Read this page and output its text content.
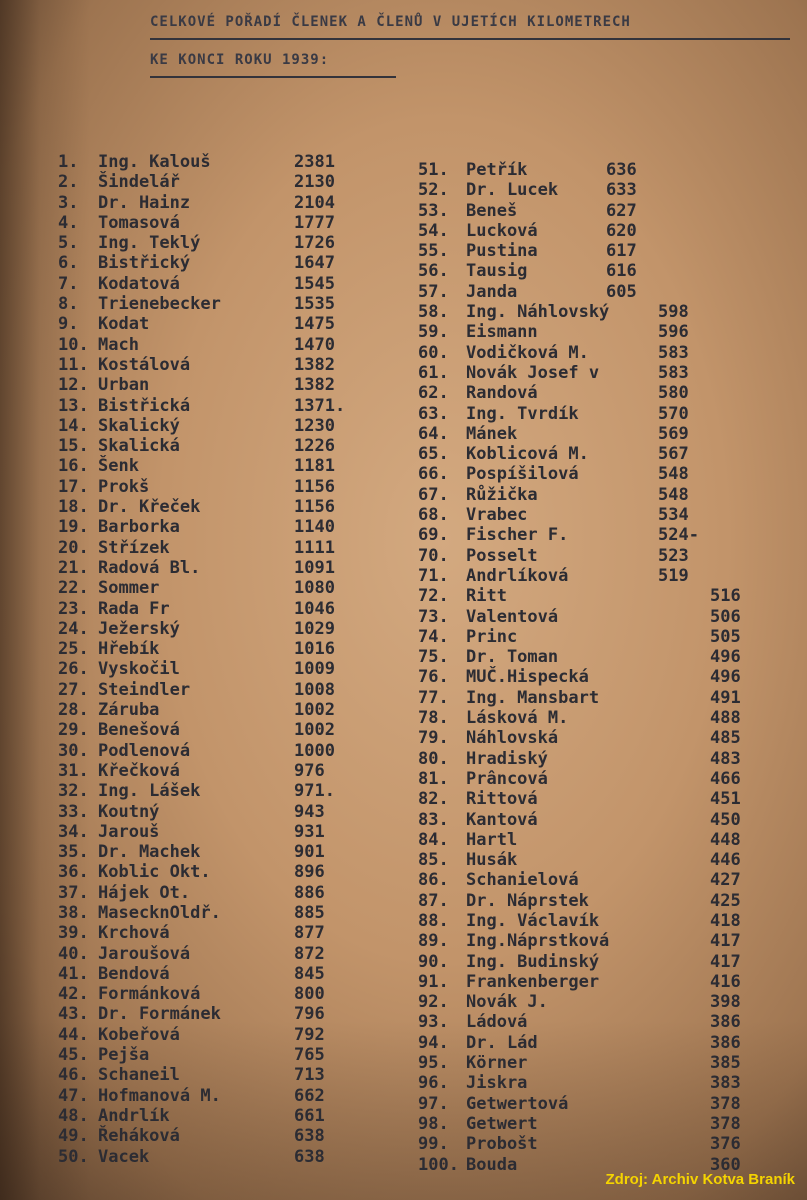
CELKOVÉ POŘADÍ ČLENEK A ČLENŮ V UJETÍCH KILOMETRECH
KE KONCI ROKU 1939:
1. Ing. Kalouš	2381
2. Šindelář	2130
3. Dr. Hainz	2104
4. Tomasová	1777
5. Ing. Teklý	1726
6. Bistřický	1647
7. Kodatová	1545
8. Trienebecker	1535
9. Kodat	1475
10. Mach	1470
11. Kostálová	1382
12. Urban	1382
13. Bistřická	1371.
14. Skalický	1230
15. Skalická	1226
16. Šenk	1181
17. Prokš	1156
18. Dr. Křeček	1156
19. Barborka	1140
20. Střízek	1111
21. Radová Bl.	1091
22. Sommer	1080
23. Rada Fr	1046
24. Ježerský	1029
25. Hřebík	1016
26. Vyskočil	1009
27. Steindler	1008
28. Záruba	1002
29. Benešová	1002
30. Podlenová	1000
31. Křečková	976
32. Ing. Lášek	971.
33. Koutný	943
34. Jarouš	931
35. Dr. Machek	901
36. Koblic Okt.	896
37. Hájek Ot.	886
38. MasecknOldř.	885
39. Krchová	877
40. Jaroušová	872
41. Bendová	845
42. Formánková	800
43. Dr. Formánek	796
44. Kobeřová	792
45. Pejša	765
46. Schaneil	713
47. Hofmanová M.	662
48. Andrlík	661
49. Řeháková	638
50. Vacek	638
51. Petřík	636
52. Dr. Lucek	633
53. Beneš	627
54. Lucková	620
55. Pustina	617
56. Tausig	616
57. Janda	605
58. Ing. Náhlovský	598
59. Eismann	596
60. Vodičková M.	583
61. Novák Josef v	583
62. Randová	580
63. Ing. Tvrdík	570
64. Mánek	569
65. Koblicová M.	567
66. Pospíšilová	548
67. Růžička	548
68. Vrabec	534
69. Fischer F.	524-
70. Posselt	523
71. Andrlíková	519
72. Ritt	516
73. Valentová	506
74. Princ	505
75. Dr. Toman	496
76. MUČ.Hispecká	496
77. Ing. Mansbart	491
78. Lásková M.	488
79. Náhlovská	485
80. Hradiský	483
81. Prâncová	466
82. Rittová	451
83. Kantová	450
84. Hartl	448
85. Husák	446
86. Schanielová	427
87. Dr. Náprstek	425
88. Ing. Václavík	418
89. Ing.Náprstková	417
90. Ing. Budinský	417
91. Frankenberger	416
92. Novák J.	398
93. Ládová	386
94. Dr. Lád	386
95. Körner	385
96. Jiskra	383
97. Getwertová	378
98. Getwert	378
99. Probošt	376
100. Bouda	360
Zdroj: Archiv Kotva Braník
